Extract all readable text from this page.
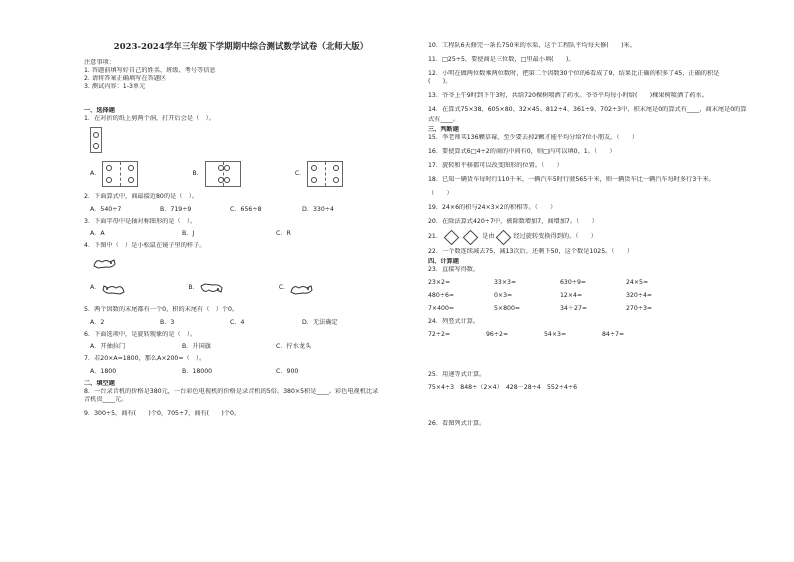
2023-2024学年三年级下学期期中综合测试数学试卷（北师大版）
注意事项：
1. 答题前填写好自己的姓名、班级、考号等信息
2. 请将答案正确填写在答题区
3. 测试内容：1-3单元
一、选择题
1．在对折的纸上剪两个洞，打开后会是（　）。
A．	B．	C．
2．下面算式中，商最接近80的是（　）。
A．540÷7	B．719÷9	C．656÷8	D．330÷4
3．下面字母中是轴对称图形的是（　）。
A．A	B．J	C．R
4．下图中（　）是小松鼠在镜子里的样子。
A．	B．	C．
5．两个因数的末尾都有一个0，积的末尾有（　）个0。
A．2	B．3	C．4	D．无法确定
6．下面选项中，是旋转现象的是（　）。
A．开抽拉门	B．升国旗	C．拧水龙头
7．若20×A=1800，那么A×200=（　）。
A．1800	B．18000	C．900
二、填空题
8．一台录音机的价格是380元，一台彩色电视机的价格是录音机的5倍。380×5积是____。彩色电视机比录
音机贵____元。
9．300÷5，商有(　　)个0，705÷7，商有(　　)个0。
10．工程队6天修完一条长750米的水渠，这个工程队平均每天修(　　)米。
11．□25÷5，要使商是三位数，□里最小填(　　)。
12．小明在做两位数乘两位数时，把第二个因数30个位的6看成了9，结果比正确的积多了45，正确的积是
(　　)。
13．爷爷上午9时到下午3时，共给720棵树喷洒了药水。爷爷平均每小时给(　　)棵果树喷洒了药水。
14．在算式75×38、605×80、32×45、812÷4、361÷9、702÷3中，积末尾是0的算式有____，商末尾是0的算
式有____。
三、判断题
15．李老师买136颗草莓，至少要去掉2颗才能平均分给7位小朋友。（　　）
16．要使算式6□4÷2的商的中间有0，则□内可以填0、1。（　　）
17．旋转和平移都可以改变图形的位置。（　　）
18．已知一辆货车每时行110千米，一辆汽车5时行驶565千米，则一辆货车比一辆汽车每时多行3千米。
（　　）
19．24×6的积与24×3×2的积相等。（　　）
20．在除法算式420÷7中，被除数增加7，商增加7。（　　）
21．	是由	经过旋转变换得到的。（　　）
22．一个数连续减去75，减13次后，还剩下50，这个数是1025。（　　）
四、计算题
23．直接写得数。
23×2=	33×3=	630÷9=	24×5=
480÷6=	0×3=	12×4=	320÷4=
7×400=	5×800=	34＋27=	270÷3=
24．列竖式计算。
72÷2=	96÷2=	54×3=	84÷7=
25．用递等式计算。
75×4÷3　848÷（2×4）　428－28÷4　552÷4÷6
26．看图列式计算。
